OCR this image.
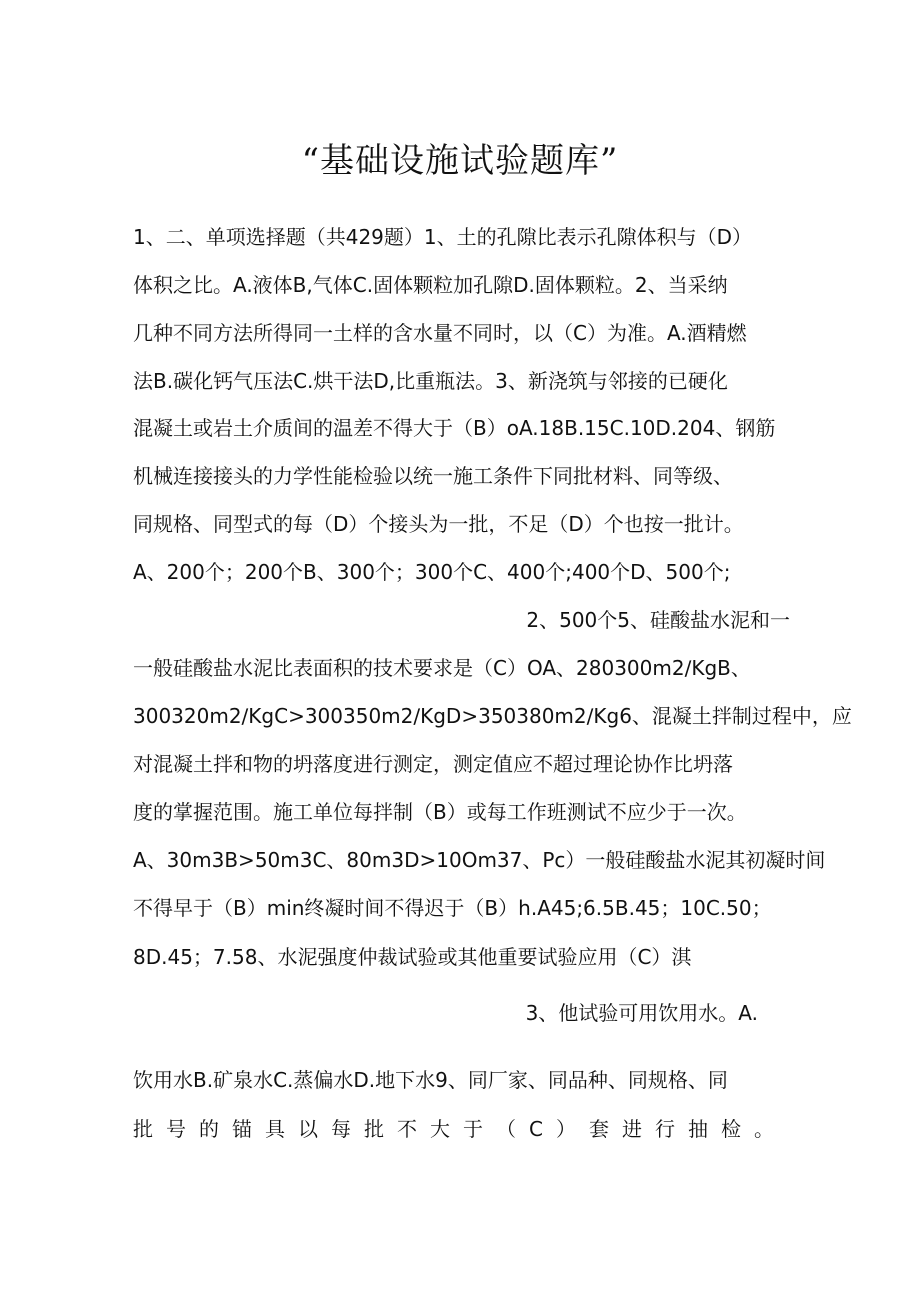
“基础设施试验题库”
1、二、单项选择题（共429题）1、土的孔隙比表示孔隙体积与（D）
体积之比。A.液体B,气体C.固体颗粒加孔隙D.固体颗粒。2、当采纳
几种不同方法所得同一土样的含水量不同时，以（C）为准。A.酒精燃
法B.碳化钙气压法C.烘干法D,比重瓶法。3、新浇筑与邻接的已硬化
混凝土或岩土介质间的温差不得大于（B）oA.18B.15C.10D.204、钢筋
机械连接接头的力学性能检验以统一施工条件下同批材料、同等级、
同规格、同型式的每（D）个接头为一批，不足（D）个也按一批计。
A、200个；200个B、300个；300个C、400个;400个D、500个;
2、500个5、硅酸盐水泥和一
一般硅酸盐水泥比表面积的技术要求是（C）OA、280300m2∕KgB、
300320m2∕KgC>300350m2∕KgD>350380m2∕Kg6、混凝土拌制过程中，应
对混凝土拌和物的坍落度进行测定，测定值应不超过理论协作比坍落
度的掌握范围。施工单位每拌制（B）或每工作班测试不应少于一次。
A、30m3B>50m3C、80m3D>10Om37、Pc）一般硅酸盐水泥其初凝时间
不得早于（B）min终凝时间不得迟于（B）h.A45;6.5B.45；10C.50；
8D.45；7.58、水泥强度仲裁试验或其他重要试验应用（C）淇
3、他试验可用饮用水。A.
饮用水B.矿泉水C.蒸偏水D.地下水9、同厂家、同品种、同规格、同
批号的锚具以每批不大于（C）套进行抽检。
